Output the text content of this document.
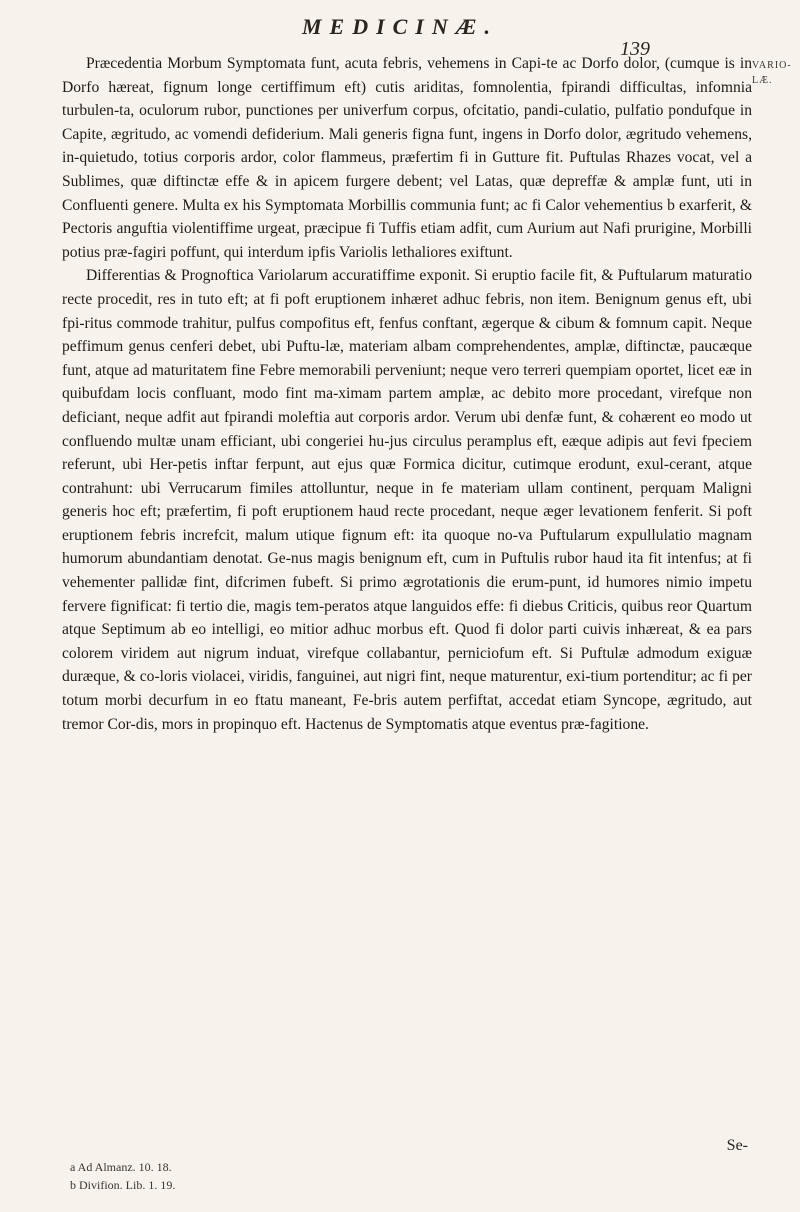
MEDICINÆ.
139
VARIO- LÆ.

Præcedentia Morbum Symptomata funt, acuta febris, vehemens in Capi-te ac Dorfo dolor, (cumque is in Dorfo hæreat, fignum longe certiffimum eft) cutis ariditas, fomnolentia, fpirandi difficultas, infomnia turbulen-ta, oculorum rubor, punctiones per univerfum corpus, ofcitatio, pandi-culatio, pulfatio pondufque in Capite, ægritudo, ac vomendi defiderium. Mali generis figna funt, ingens in Dorfo dolor, ægritudo vehemens, in-quietudo, totius corporis ardor, color flammeus, præfertim fi in Gutture fit. Puftulas Rhazes vocat, vel a Sublimes, quæ diftinctæ effe & in apicem furgere debent; vel Latas, quæ depreffæ & amplæ funt, uti in Confluenti genere. Multa ex his Symptomata Morbillis communia funt; ac fi Calor vehementius b exarferit, & Pectoris anguftia violentiffime urgeat, præcipue fi Tuffis etiam adfit, cum Aurium aut Nafi prurigine, Morbilli potius præ-fagiri poffunt, qui interdum ipfis Variolis lethaliores exiftunt.

Differentias & Prognoftica Variolarum accuratiffime exponit. Si eruptio facile fit, & Puftularum maturatio recte procedit, res in tuto eft; at fi poft eruptionem inhæret adhuc febris, non item. Benignum genus eft, ubi fpi-ritus commode trahitur, pulfus compofitus eft, fenfus conftant, ægerque & cibum & fomnum capit. Neque peffimum genus cenferi debet, ubi Puftu-læ, materiam albam comprehendentes, amplæ, diftinctæ, paucæque funt, atque ad maturitatem fine Febre memorabili perveniunt; neque vero terreri quempiam oportet, licet eæ in quibufdam locis confluant, modo fint ma-ximam partem amplæ, ac debito more procedant, virefque non deficiant, neque adfit aut fpirandi moleftia aut corporis ardor. Verum ubi denfæ funt, & cohærent eo modo ut confluendo multæ unam efficiant, ubi congeriei hu-jus circulus peramplus eft, eæque adipis aut fevi fpeciem referunt, ubi Her-petis inftar ferpunt, aut ejus quæ Formica dicitur, cutimque erodunt, exul-cerant, atque contrahunt: ubi Verrucarum fimiles attolluntur, neque in fe materiam ullam continent, perquam Maligni generis hoc eft; præfertim, fi poft eruptionem haud recte procedant, neque æger levationem fenferit. Si poft eruptionem febris increfcit, malum utique fignum eft: ita quoque no-va Puftularum expullulatio magnam humorum abundantiam denotat. Ge-nus magis benignum eft, cum in Puftulis rubor haud ita fit intenfus; at fi vehementer pallidæ fint, difcrimen fubeft. Si primo ægrotationis die erum-punt, id humores nimio impetu fervere fignificat: fi tertio die, magis tem-peratos atque languidos effe: fi diebus Criticis, quibus reor Quartum atque Septimum ab eo intelligi, eo mitior adhuc morbus eft. Quod fi dolor parti cuivis inhæreat, & ea pars colorem viridem aut nigrum induat, virefque collabantur, perniciofum eft. Si Puftulæ admodum exiguæ duræque, & co-loris violacei, viridis, fanguinei, aut nigri fint, neque maturentur, exi-tium portenditur; ac fi per totum morbi decurfum in eo ftatu maneant, Fe-bris autem perfiftat, accedat etiam Syncope, ægritudo, aut tremor Cor-dis, mors in propinquo eft. Hactenus de Symptomatis atque eventus præ-fagitione.

Se-
a Ad Almanz. 10. 18.
b Divifion. Lib. 1. 19.
